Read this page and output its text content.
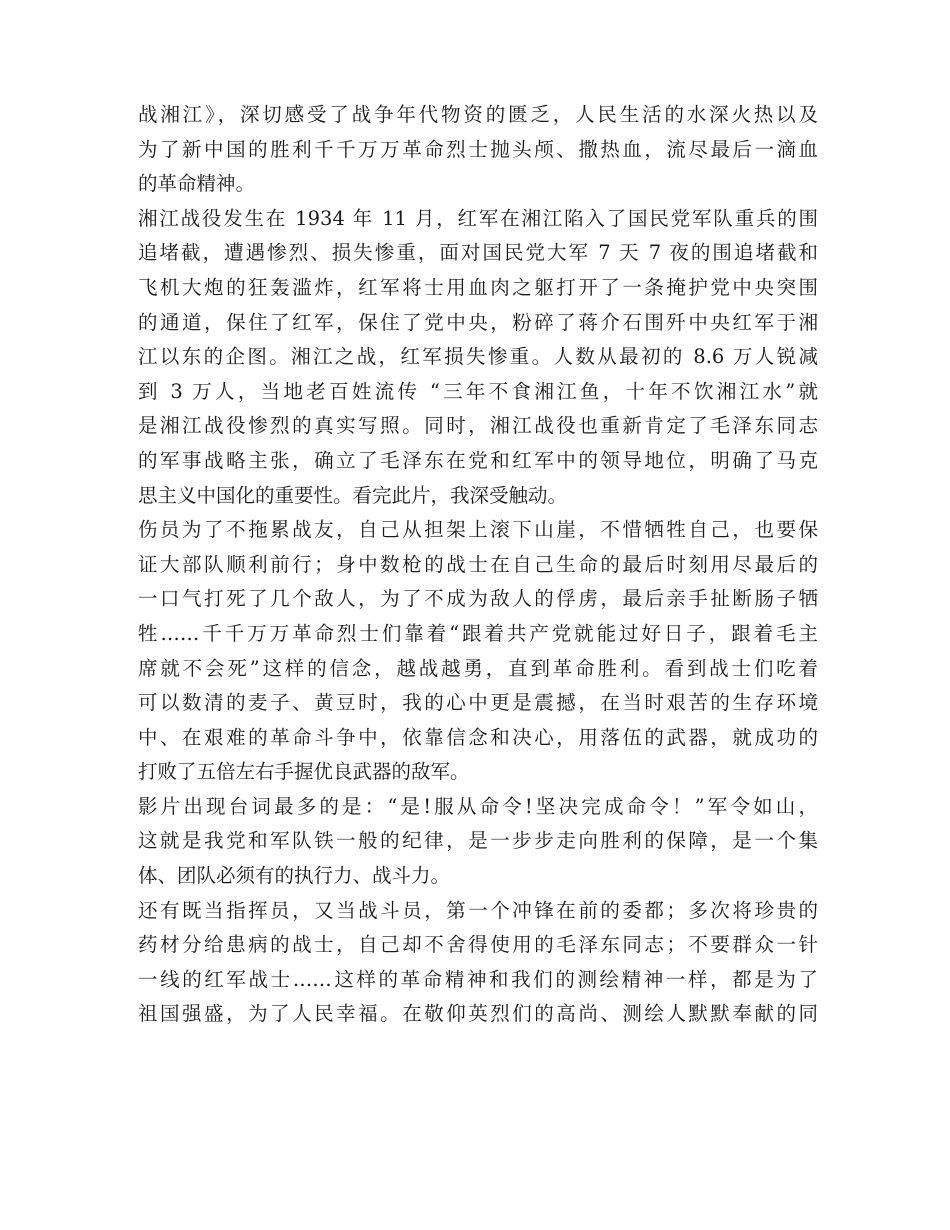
战湘江》，深切感受了战争年代物资的匮乏，人民生活的水深火热以及
为了新中国的胜利千千万万革命烈士抛头颅、撒热血，流尽最后一滴血
的革命精神。
湘江战役发生在 1934 年 11 月，红军在湘江陷入了国民党军队重兵的围
追堵截，遭遇惨烈、损失惨重，面对国民党大军 7 天 7 夜的围追堵截和
飞机大炮的狂轰滥炸，红军将士用血肉之躯打开了一条掩护党中央突围
的通道，保住了红军，保住了党中央，粉碎了蒋介石围歼中央红军于湘
江以东的企图。湘江之战，红军损失惨重。人数从最初的 8.6 万人锐减
到 3 万人，当地老百姓流传 “三年不食湘江鱼，十年不饮湘江水”就
是湘江战役惨烈的真实写照。同时，湘江战役也重新肯定了毛泽东同志
的军事战略主张，确立了毛泽东在党和红军中的领导地位，明确了马克
思主义中国化的重要性。看完此片，我深受触动。
伤员为了不拖累战友，自己从担架上滚下山崖，不惜牺牲自己，也要保
证大部队顺利前行；身中数枪的战士在自己生命的最后时刻用尽最后的
一口气打死了几个敌人，为了不成为敌人的俘虏，最后亲手扯断肠子牺
牲……千千万万革命烈士们靠着“跟着共产党就能过好日子，跟着毛主
席就不会死”这样的信念，越战越勇，直到革命胜利。看到战士们吃着
可以数清的麦子、黄豆时，我的心中更是震撼，在当时艰苦的生存环境
中、在艰难的革命斗争中，依靠信念和决心，用落伍的武器，就成功的
打败了五倍左右手握优良武器的敌军。
影片出现台词最多的是：“是!服从命令!坚决完成命令！”军令如山，
这就是我党和军队铁一般的纪律，是一步步走向胜利的保障，是一个集
体、团队必须有的执行力、战斗力。
还有既当指挥员，又当战斗员，第一个冲锋在前的委都；多次将珍贵的
药材分给患病的战士，自己却不舍得使用的毛泽东同志；不要群众一针
一线的红军战士……这样的革命精神和我们的测绘精神一样，都是为了
祖国强盛，为了人民幸福。在敬仰英烈们的高尚、测绘人默默奉献的同
